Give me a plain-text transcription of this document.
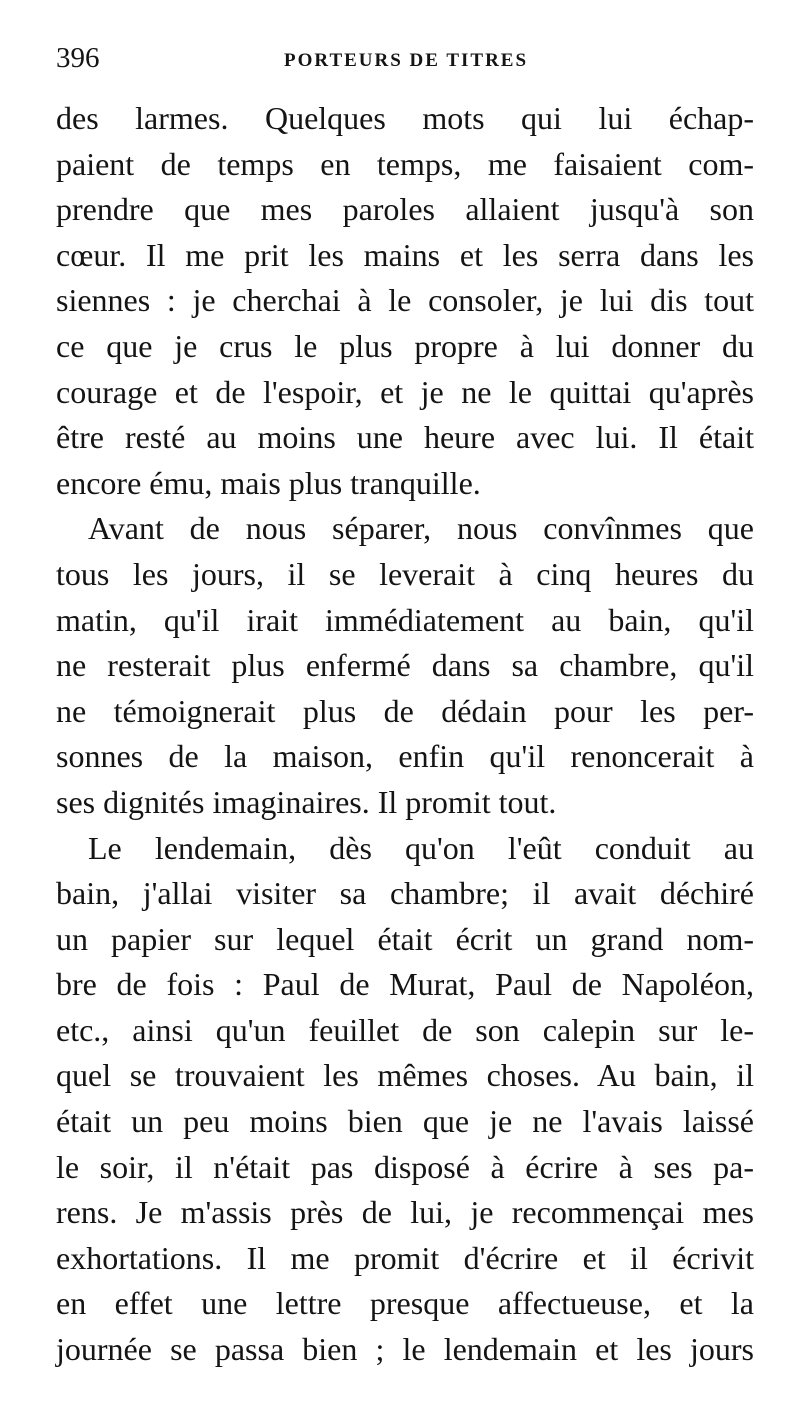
396	PORTEURS DE TITRES
des larmes. Quelques mots qui lui échap-
paient de temps en temps, me faisaient com-
prendre que mes paroles allaient jusqu'à son
cœur. Il me prit les mains et les serra dans les
siennes : je cherchai à le consoler, je lui dis tout
ce que je crus le plus propre à lui donner du
courage et de l'espoir, et je ne le quittai qu'après
être resté au moins une heure avec lui. Il était
encore ému, mais plus tranquille.
Avant de nous séparer, nous convînmes que
tous les jours, il se leverait à cinq heures du
matin, qu'il irait immédiatement au bain, qu'il
ne resterait plus enfermé dans sa chambre, qu'il
ne témoignerait plus de dédain pour les per-
sonnes de la maison, enfin qu'il renoncerait à
ses dignités imaginaires. Il promit tout.
Le lendemain, dès qu'on l'eût conduit au
bain, j'allai visiter sa chambre; il avait déchiré
un papier sur lequel était écrit un grand nom-
bre de fois : Paul de Murat, Paul de Napoléon,
etc., ainsi qu'un feuillet de son calepin sur le-
quel se trouvaient les mêmes choses. Au bain, il
était un peu moins bien que je ne l'avais laissé
le soir, il n'était pas disposé à écrire à ses pa-
rens. Je m'assis près de lui, je recommençai mes
exhortations. Il me promit d'écrire et il écrivit
en effet une lettre presque affectueuse, et la
journée se passa bien ; le lendemain et les jours
